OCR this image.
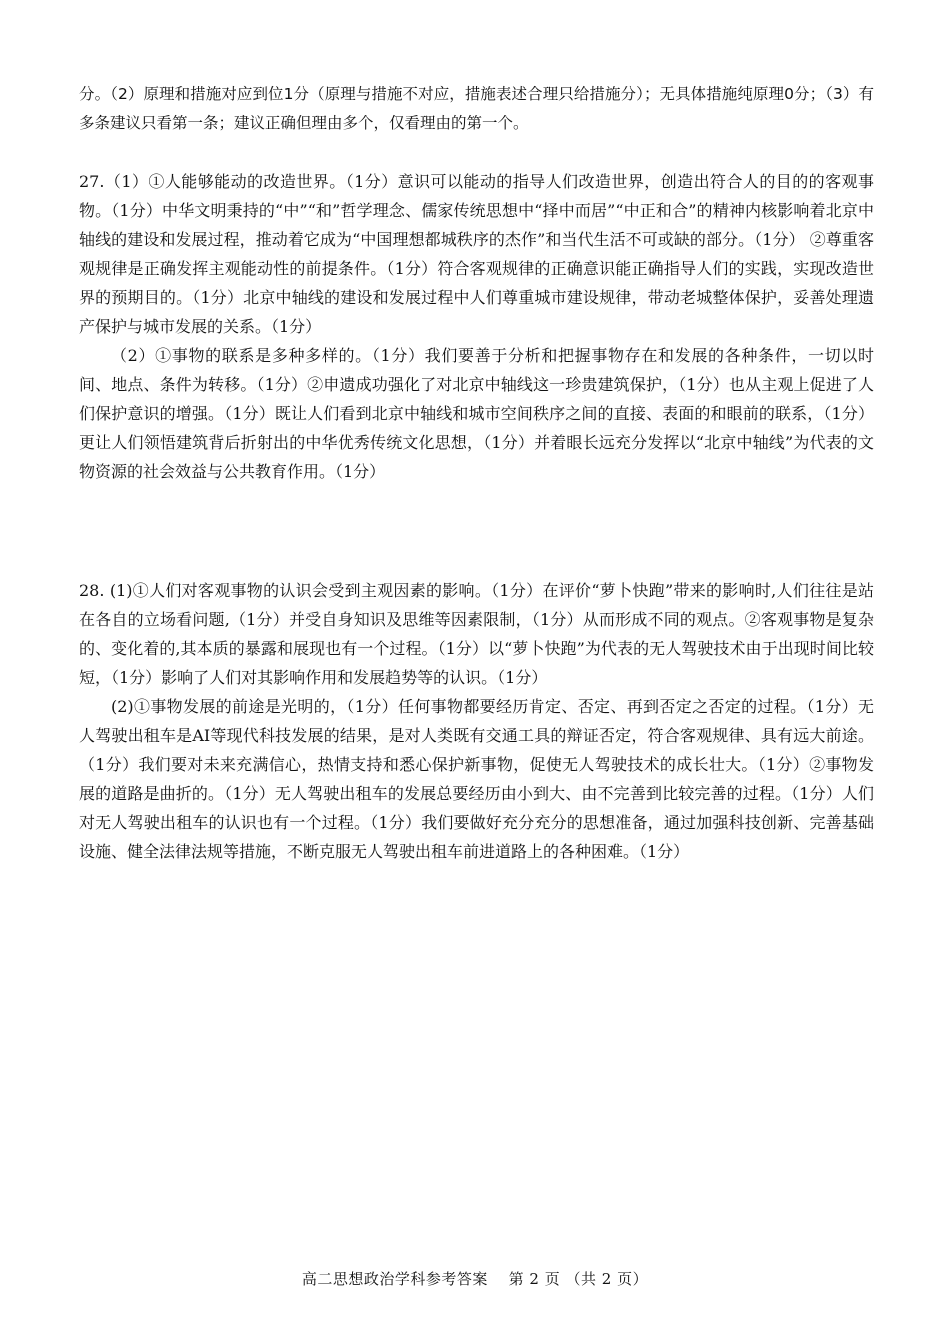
分。（2）原理和措施对应到位1分（原理与措施不对应，措施表述合理只给措施分）；无具体措施纯原理0分；（3）有多条建议只看第一条；建议正确但理由多个，仅看理由的第一个。

27.（1）①人能够能动的改造世界。（1分）意识可以能动的指导人们改造世界，创造出符合人的目的的客观事物。（1分）中华文明秉持的“中”“和”哲学理念、儒家传统思想中“择中而居”“中正和合”的精神内核影响着北京中轴线的建设和发展过程，推动着它成为“中国理想都城秩序的杰作”和当代生活不可或缺的部分。（1分） ②尊重客观规律是正确发挥主观能动性的前提条件。（1分）符合客观规律的正确意识能正确指导人们的实践，实现改造世界的预期目的。（1分）北京中轴线的建设和发展过程中人们尊重城市建设规律，带动老城整体保护，妥善处理遗产保护与城市发展的关系。（1分）

（2）①事物的联系是多种多样的。（1分）我们要善于分析和把握事物存在和发展的各种条件，一切以时间、地点、条件为转移。（1分）②申遗成功强化了对北京中轴线这一珍贵建筑保护，（1分）也从主观上促进了人们保护意识的增强。（1分）既让人们看到北京中轴线和城市空间秩序之间的直接、表面的和眼前的联系，（1分）更让人们领悟建筑背后折射出的中华优秀传统文化思想，（1分）并着眼长远充分发挥以“北京中轴线”为代表的文物资源的社会效益与公共教育作用。（1分）

28. (1)①人们对客观事物的认识会受到主观因素的影响。（1分）在评价“萝卜快跑”带来的影响时,人们往往是站在各自的立场看问题,（1分）并受自身知识及思维等因素限制，（1分）从而形成不同的观点。②客观事物是复杂的、变化着的,其本质的暴露和展现也有一个过程。（1分）以“萝卜快跑”为代表的无人驾驶技术由于出现时间比较短，（1分）影响了人们对其影响作用和发展趋势等的认识。（1分）

(2)①事物发展的前途是光明的，（1分）任何事物都要经历肯定、否定、再到否定之否定的过程。（1分）无人驾驶出租车是AI等现代科技发展的结果，是对人类既有交通工具的辩证否定，符合客观规律、具有远大前途。（1分）我们要对未来充满信心，热情支持和悉心保护新事物，促使无人驾驶技术的成长壮大。（1分）②事物发展的道路是曲折的。（1分）无人驾驶出租车的发展总要经历由小到大、由不完善到比较完善的过程。（1分）人们对无人驾驶出租车的认识也有一个过程。（1分）我们要做好充分充分的思想准备，通过加强科技创新、完善基础设施、健全法律法规等措施，不断克服无人驾驶出租车前进道路上的各种困难。（1分）

高二思想政治学科参考答案　 第 2 页 （共 2 页）
